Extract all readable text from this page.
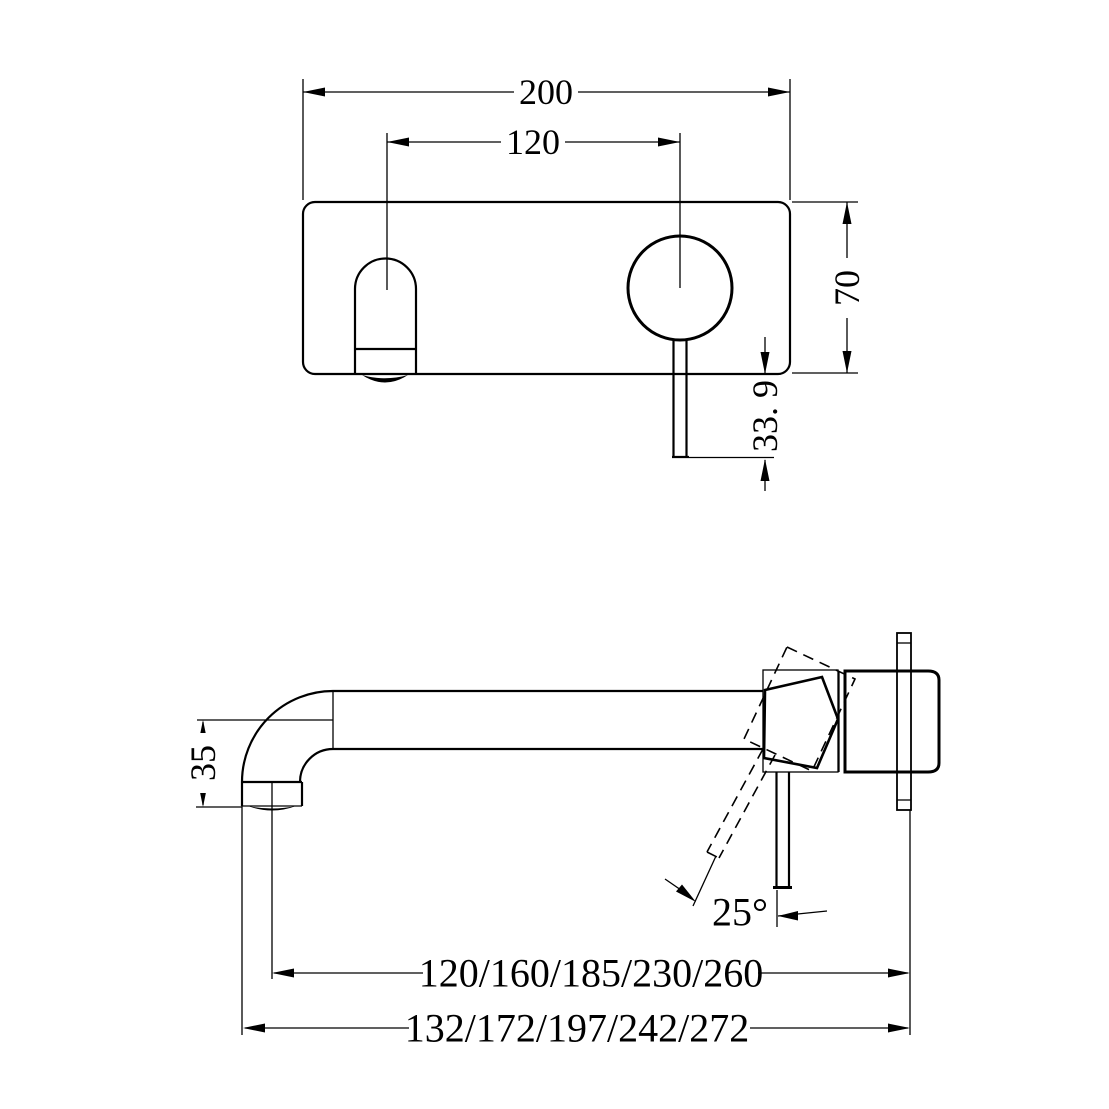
200
120
70
33. 9
35
25°
120/160/185/230/260
132/172/197/242/272
